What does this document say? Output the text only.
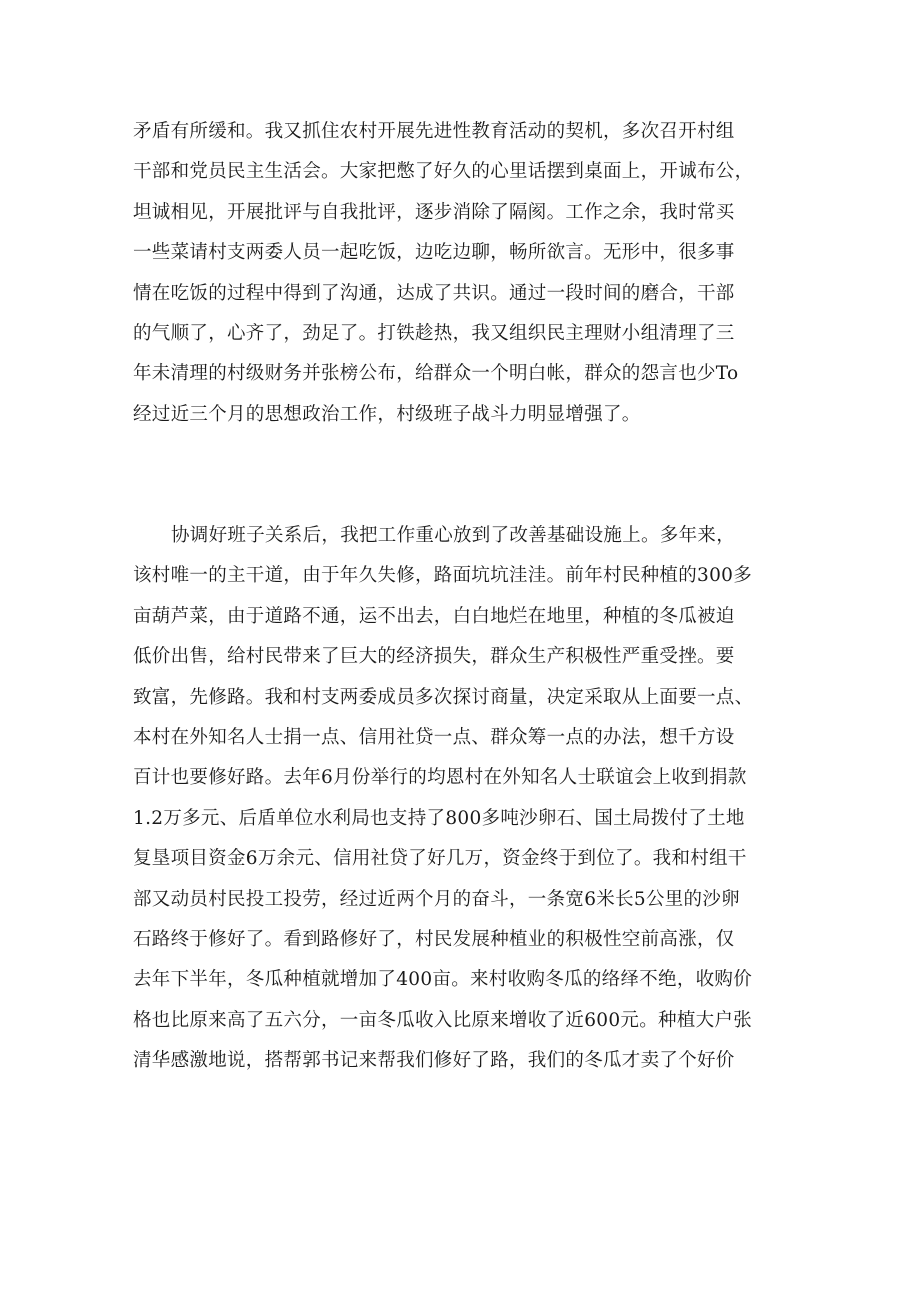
矛盾有所缓和。我又抓住农村开展先进性教育活动的契机，多次召开村组
干部和党员民主生活会。大家把憋了好久的心里话摆到桌面上，开诚布公，
坦诚相见，开展批评与自我批评，逐步消除了隔阂。工作之余，我时常买
一些菜请村支两委人员一起吃饭，边吃边聊，畅所欲言。无形中，很多事
情在吃饭的过程中得到了沟通，达成了共识。通过一段时间的磨合，干部
的气顺了，心齐了，劲足了。打铁趁热，我又组织民主理财小组清理了三
年未清理的村级财务并张榜公布，给群众一个明白帐，群众的怨言也少To
经过近三个月的思想政治工作，村级班子战斗力明显增强了。
协调好班子关系后，我把工作重心放到了改善基础设施上。多年来，
该村唯一的主干道，由于年久失修，路面坑坑洼洼。前年村民种植的300多
亩葫芦菜，由于道路不通，运不出去，白白地烂在地里，种植的冬瓜被迫
低价出售，给村民带来了巨大的经济损失，群众生产积极性严重受挫。要
致富，先修路。我和村支两委成员多次探讨商量，决定采取从上面要一点、
本村在外知名人士捐一点、信用社贷一点、群众筹一点的办法，想千方设
百计也要修好路。去年6月份举行的均恩村在外知名人士联谊会上收到捐款
1.2万多元、后盾单位水利局也支持了800多吨沙卵石、国土局拨付了土地
复垦项目资金6万余元、信用社贷了好几万，资金终于到位了。我和村组干
部又动员村民投工投劳，经过近两个月的奋斗，一条宽6米长5公里的沙卵
石路终于修好了。看到路修好了，村民发展种植业的积极性空前高涨，仅
去年下半年，冬瓜种植就增加了400亩。来村收购冬瓜的络绎不绝，收购价
格也比原来高了五六分，一亩冬瓜收入比原来增收了近600元。种植大户张
清华感激地说，搭帮郭书记来帮我们修好了路，我们的冬瓜才卖了个好价
